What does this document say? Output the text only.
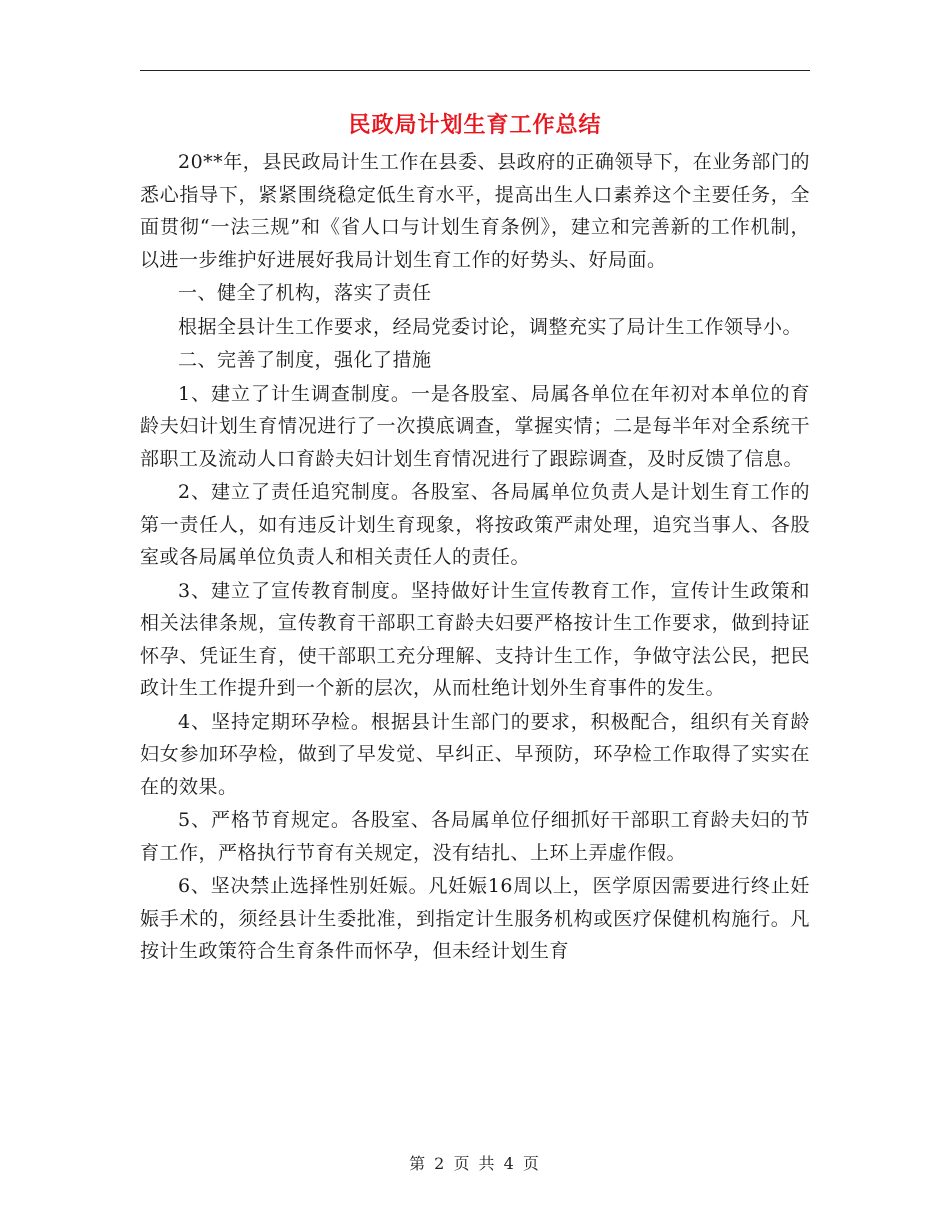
民政局计划生育工作总结

20**年，县民政局计生工作在县委、县政府的正确领导下，在业务部门的悉心指导下，紧紧围绕稳定低生育水平，提高出生人口素养这个主要任务，全面贯彻“一法三规”和《省人口与计划生育条例》，建立和完善新的工作机制，以进一步维护好进展好我局计划生育工作的好势头、好局面。

一、健全了机构，落实了责任

根据全县计生工作要求，经局党委讨论，调整充实了局计生工作领导小。

二、完善了制度，强化了措施

1、建立了计生调查制度。一是各股室、局属各单位在年初对本单位的育龄夫妇计划生育情况进行了一次摸底调查，掌握实情；二是每半年对全系统干部职工及流动人口育龄夫妇计划生育情况进行了跟踪调查，及时反馈了信息。

2、建立了责任追究制度。各股室、各局属单位负责人是计划生育工作的第一责任人，如有违反计划生育现象，将按政策严肃处理，追究当事人、各股室或各局属单位负责人和相关责任人的责任。

3、建立了宣传教育制度。坚持做好计生宣传教育工作，宣传计生政策和相关法律条规，宣传教育干部职工育龄夫妇要严格按计生工作要求，做到持证怀孕、凭证生育，使干部职工充分理解、支持计生工作，争做守法公民，把民政计生工作提升到一个新的层次，从而杜绝计划外生育事件的发生。

4、坚持定期环孕检。根据县计生部门的要求，积极配合，组织有关育龄妇女参加环孕检，做到了早发觉、早纠正、早预防，环孕检工作取得了实实在在的效果。

5、严格节育规定。各股室、各局属单位仔细抓好干部职工育龄夫妇的节育工作，严格执行节育有关规定，没有结扎、上环上弄虚作假。

6、坚决禁止选择性别妊娠。凡妊娠16周以上，医学原因需要进行终止妊娠手术的，须经县计生委批准，到指定计生服务机构或医疗保健机构施行。凡按计生政策符合生育条件而怀孕，但未经计划生育

第 2 页 共 4 页
